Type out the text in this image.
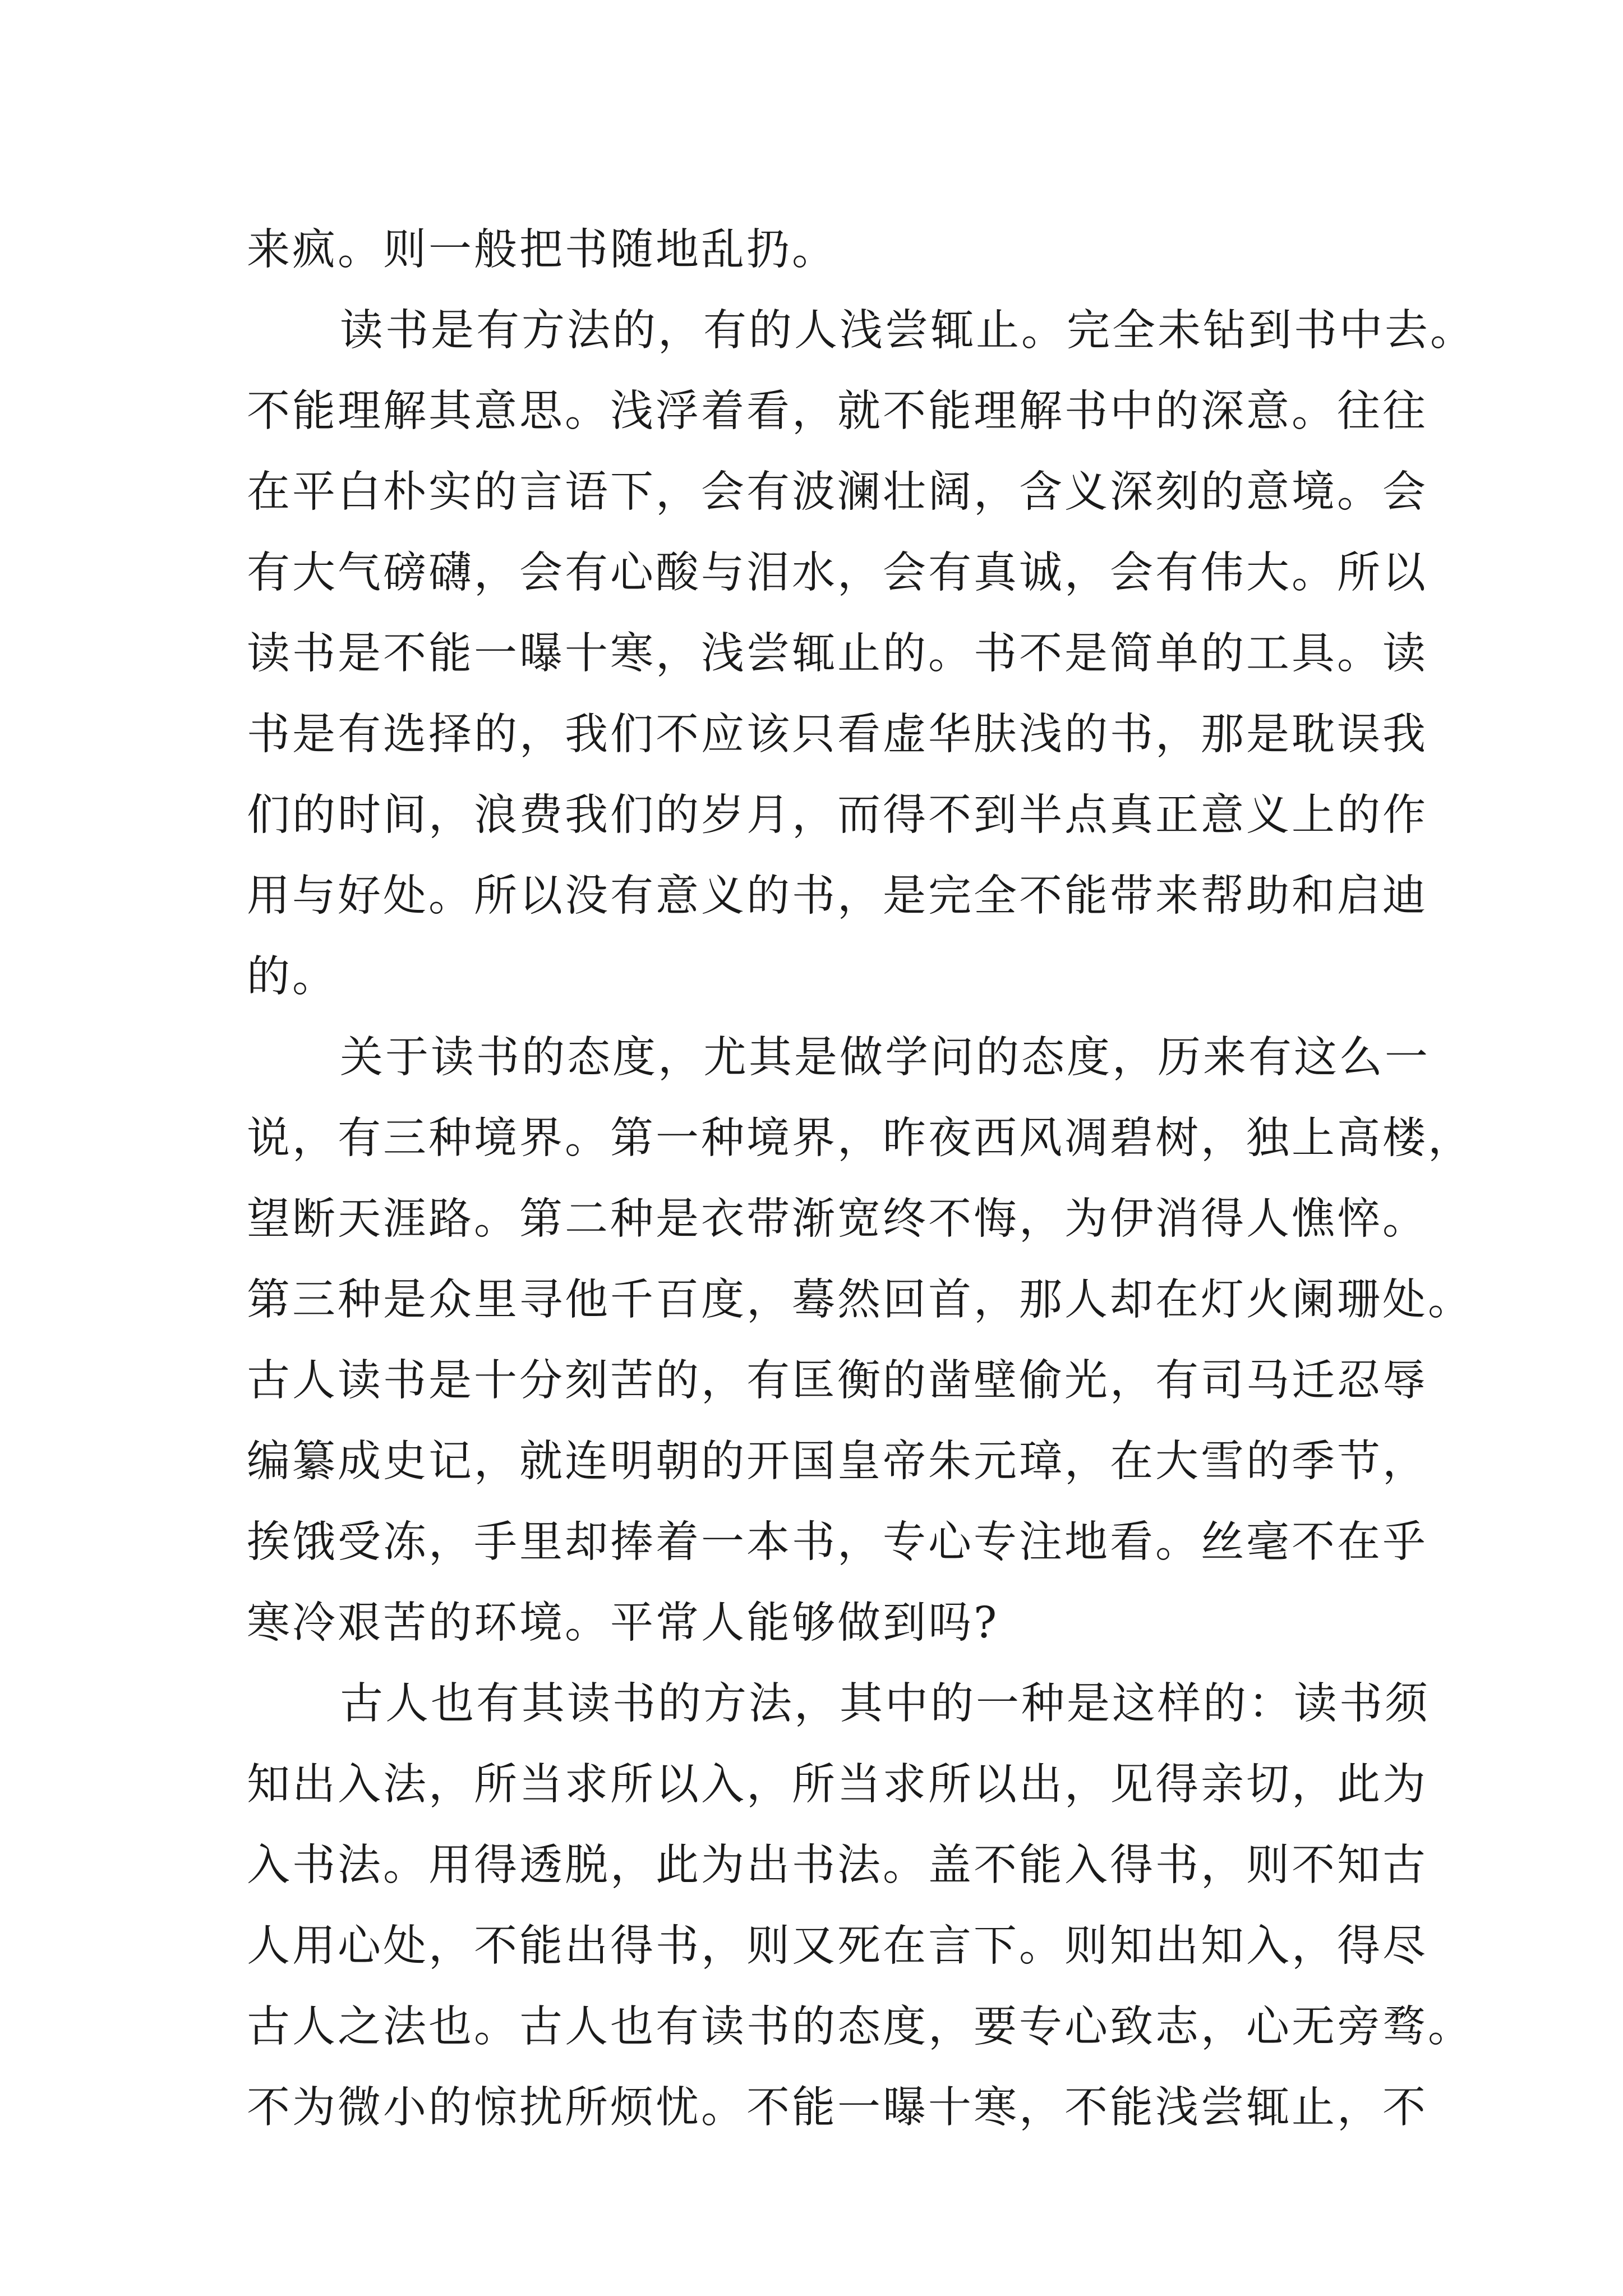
来疯。则一般把书随地乱扔。
读书是有方法的，有的人浅尝辄止。完全未钻到书中去。
不能理解其意思。浅浮着看，就不能理解书中的深意。往往
在平白朴实的言语下，会有波澜壮阔，含义深刻的意境。会
有大气磅礴，会有心酸与泪水，会有真诚，会有伟大。所以
读书是不能一曝十寒，浅尝辄止的。书不是简单的工具。读
书是有选择的，我们不应该只看虚华肤浅的书，那是耽误我
们的时间，浪费我们的岁月，而得不到半点真正意义上的作
用与好处。所以没有意义的书，是完全不能带来帮助和启迪
的。
关于读书的态度，尤其是做学问的态度，历来有这么一
说，有三种境界。第一种境界，昨夜西风凋碧树，独上高楼，
望断天涯路。第二种是衣带渐宽终不悔，为伊消得人憔悴。
第三种是众里寻他千百度，蓦然回首，那人却在灯火阑珊处。
古人读书是十分刻苦的，有匡衡的凿壁偷光，有司马迁忍辱
编纂成史记，就连明朝的开国皇帝朱元璋，在大雪的季节，
挨饿受冻，手里却捧着一本书，专心专注地看。丝毫不在乎
寒冷艰苦的环境。平常人能够做到吗?
古人也有其读书的方法，其中的一种是这样的：读书须
知出入法，所当求所以入，所当求所以出，见得亲切，此为
入书法。用得透脱，此为出书法。盖不能入得书，则不知古
人用心处，不能出得书，则又死在言下。则知出知入，得尽
古人之法也。古人也有读书的态度，要专心致志，心无旁骛。
不为微小的惊扰所烦忧。不能一曝十寒，不能浅尝辄止，不
